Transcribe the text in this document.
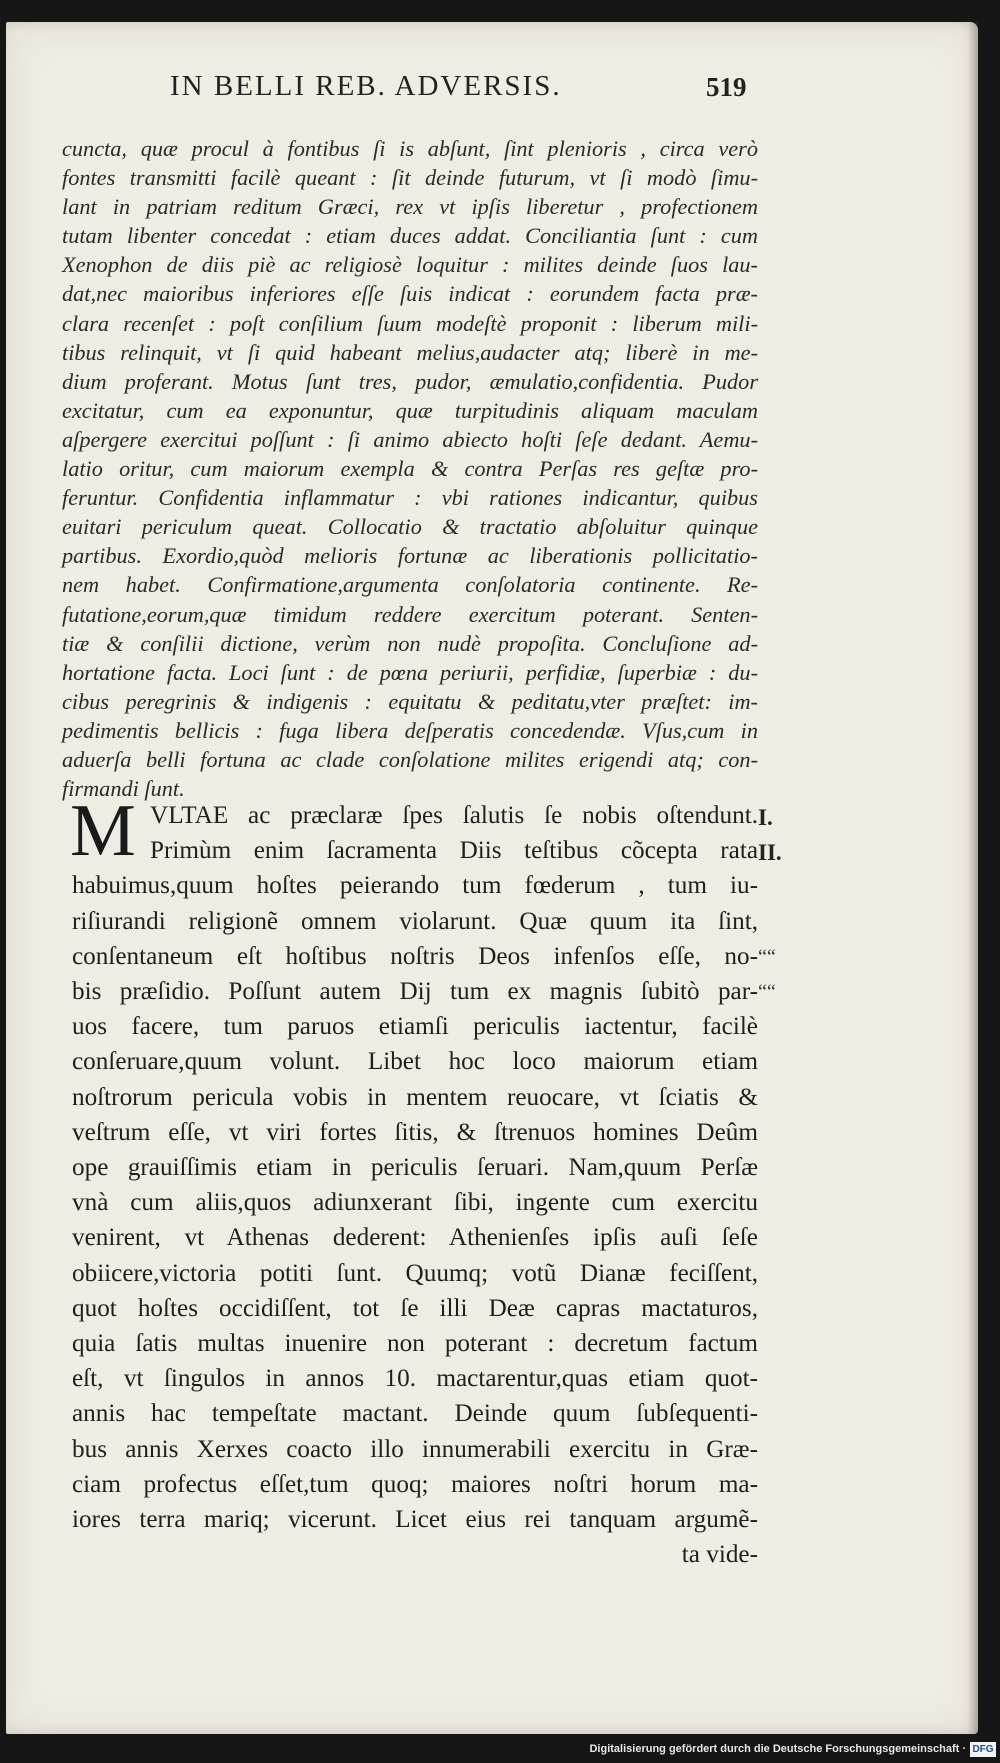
IN BELLI REB. ADVERSIS.	519
cuncta, quæ procul à fontibus ſi is abſunt, ſint plenioris , circa verò
fontes transmitti facilè queant : ſit deinde futurum, vt ſi modò ſimu-
lant in patriam reditum Græci, rex vt ipſis liberetur , profectionem
tutam libenter concedat : etiam duces addat. Conciliantia ſunt : cum
Xenophon de diis piè ac religiosè loquitur : milites deinde ſuos lau-
dat,nec maioribus inferiores eſſe ſuis indicat : eorundem facta præ-
clara recenſet : poſt conſilium ſuum modeſtè proponit : liberum mili-
tibus relinquit, vt ſi quid habeant melius,audacter atq; liberè in me-
dium proferant. Motus ſunt tres, pudor, æmulatio,confidentia. Pudor
excitatur, cum ea exponuntur, quæ turpitudinis aliquam maculam
aſpergere exercitui poſſunt : ſi animo abiecto hoſti ſeſe dedant. Aemu-
latio oritur, cum maiorum exempla & contra Perſas res geſtæ pro-
feruntur. Confidentia inflammatur : vbi rationes indicantur, quibus
euitari periculum queat. Collocatio & tractatio abſoluitur quinque
partibus. Exordio,quòd melioris fortunæ ac liberationis pollicitatio-
nem habet. Confirmatione,argumenta conſolatoria continente. Re-
futatione,eorum,quæ timidum reddere exercitum poterant. Senten-
tiæ & conſilii dictione, verùm non nudè propoſita. Concluſione ad-
hortatione facta. Loci ſunt : de pœna periurii, perfidiæ, ſuperbiæ : du-
cibus peregrinis & indigenis : equitatu & peditatu,vter præſtet: im-
pedimentis bellicis : fuga libera deſperatis concedendæ. Vſus,cum in
aduerſa belli fortuna ac clade conſolatione milites erigendi atq; con-
firmandi ſunt.
M VLTAE ac præclaræ ſpes ſalutis ſe nobis oſtendunt.
Primùm enim ſacramenta Diis teſtibus cõcepta rata
habuimus,quum hoſtes peierando tum fœderum , tum iu-
riſiurandi religionẽ omnem violarunt. Quæ quum ita ſint,
conſentaneum eſt hoſtibus noſtris Deos infenſos eſſe, no-
bis præſidio. Poſſunt autem Dij tum ex magnis ſubitò par-
uos facere, tum paruos etiamſi periculis iactentur, facilè
conſeruare,quum volunt. Libet hoc loco maiorum etiam
noſtrorum pericula vobis in mentem reuocare, vt ſciatis &
veſtrum eſſe, vt viri fortes ſitis, & ſtrenuos homines Deûm
ope grauiſſimis etiam in periculis ſeruari. Nam,quum Perſæ
vnà cum aliis,quos adiunxerant ſibi, ingente cum exercitu
venirent, vt Athenas dederent: Athenienſes ipſis auſi ſeſe
obiicere,victoria potiti ſunt. Quumq; votũ Dianæ feciſſent,
quot hoſtes occidiſſent, tot ſe illi Deæ capras mactaturos,
quia ſatis multas inuenire non poterant : decretum factum
eſt, vt ſingulos in annos 10. mactarentur,quas etiam quot-
annis hac tempeſtate mactant. Deinde quum ſubſequenti-
bus annis Xerxes coacto illo innumerabili exercitu in Græ-
ciam profectus eſſet,tum quoq; maiores noſtri horum ma-
iores terra mariq; vicerunt. Licet eius rei tanquam argumẽ-
ta vide-
I.
II.
““
““
Digitalisierung gefördert durch die Deutsche Forschungsgemeinschaft · DFG
